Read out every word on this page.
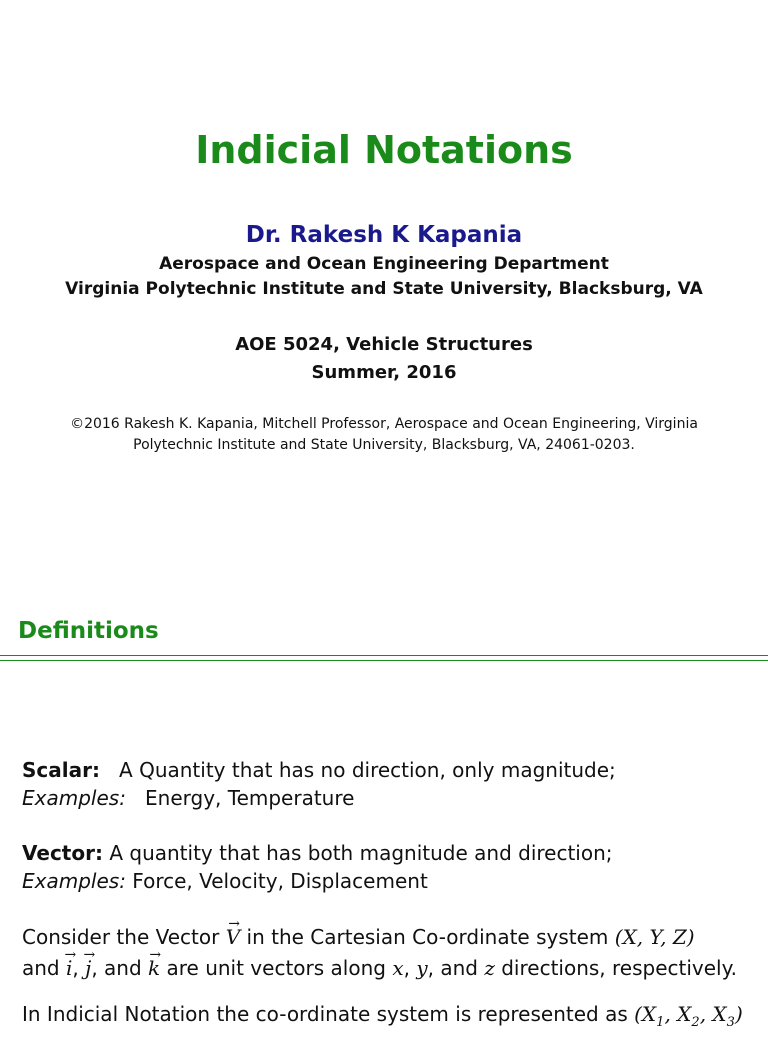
Indicial Notations
Dr. Rakesh K Kapania
Aerospace and Ocean Engineering Department
Virginia Polytechnic Institute and State University, Blacksburg, VA
AOE 5024, Vehicle Structures
Summer, 2016
©2016 Rakesh K. Kapania, Mitchell Professor, Aerospace and Ocean Engineering, Virginia
Polytechnic Institute and State University, Blacksburg, VA, 24061-0203.
Definitions
Scalar: A Quantity that has no direction, only magnitude;
Examples: Energy, Temperature
Vector: A quantity that has both magnitude and direction;
Examples: Force, Velocity, Displacement
Consider the Vector → V in the Cartesian Co-ordinate system (X, Y, Z)
and → i, → j, and → k are unit vectors along x, y, and z directions, respectively.
In Indicial Notation the co-ordinate system is represented as ($X_1$, $X_2$, $X_3$)
